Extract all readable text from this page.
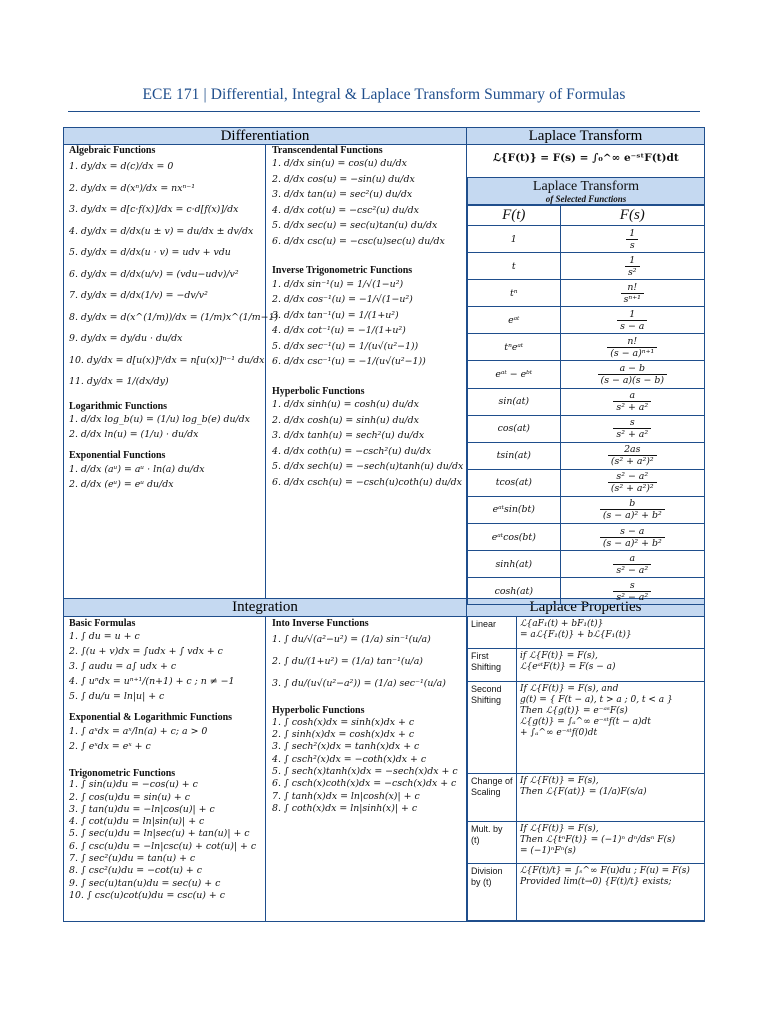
ECE 171 | Differential, Integral & Laplace Transform Summary of Formulas
Differentiation	Laplace Transform
Integration	Laplace Properties
ℒ{F(t)} = F(s) = ∫₀^∞ e⁻ˢᵗF(t)dt
Algebraic Functions
1. dy/dx = d(c)/dx = 0
2. dy/dx = d(xⁿ)/dx = nxⁿ⁻¹
3. dy/dx = d[c·f(x)]/dx = c·d[f(x)]/dx
4. dy/dx = d/dx(u ± v) = du/dx ± dv/dx
5. dy/dx = d/dx(u · v) = udv + vdu
6. dy/dx = d/dx(u/v) = (vdu−udv)/v²
7. dy/dx = d/dx(1/v) = −dv/v²
8. dy/dx = d(x^(1/m))/dx = (1/m)x^(1/m−1)
9. dy/dx = dy/du · du/dx
10. dy/dx = d[u(x)]ⁿ/dx = n[u(x)]ⁿ⁻¹ du/dx
11. dy/dx = 1/(dx/dy)
Logarithmic Functions
1. d/dx log_b(u) = (1/u) log_b(e) du/dx
2. d/dx ln(u) = (1/u) · du/dx
Exponential Functions
1. d/dx (aᵘ) = aᵘ · ln(a) du/dx
2. d/dx (eᵘ) = eᵘ du/dx
Transcendental Functions
1. d/dx sin(u) = cos(u) du/dx
2. d/dx cos(u) = −sin(u) du/dx
3. d/dx tan(u) = sec²(u) du/dx
4. d/dx cot(u) = −csc²(u) du/dx
5. d/dx sec(u) = sec(u)tan(u) du/dx
6. d/dx csc(u) = −csc(u)sec(u) du/dx
Inverse Trigonometric Functions
1. d/dx sin⁻¹(u) = 1/√(1−u²)
2. d/dx cos⁻¹(u) = −1/√(1−u²)
3. d/dx tan⁻¹(u) = 1/(1+u²)
4. d/dx cot⁻¹(u) = −1/(1+u²)
5. d/dx sec⁻¹(u) = 1/(u√(u²−1))
6. d/dx csc⁻¹(u) = −1/(u√(u²−1))
Hyperbolic Functions
1. d/dx sinh(u) = cosh(u) du/dx
2. d/dx cosh(u) = sinh(u) du/dx
3. d/dx tanh(u) = sech²(u) du/dx
4. d/dx coth(u) = −csch²(u) du/dx
5. d/dx sech(u) = −sech(u)tanh(u) du/dx
6. d/dx csch(u) = −csch(u)coth(u) du/dx
Laplace Transform
of Selected Functions
F(t)	F(s)
1	$\frac{1}{s}$

t	$\frac{1}{\text{s²}}$

tⁿ	$\frac{n!}{\text{sⁿ⁺¹}}$

eᵃᵗ	$\frac{1}{s - a}$

tⁿeᵃᵗ	$\frac{n!}{\text{(s − a)ⁿ⁺¹}}$

eᵃᵗ − eᵇᵗ	$\frac{a - b}{(s - a)(s - b)}$

sin(at)	$\frac{a}{\text{s² + a²}}$

cos(at)	$\frac{s}{\text{s² + a²}}$

tsin(at)	$\frac{2as}{\text{(s² + a²)²}}$

tcos(at)	$\frac{\text{s² − a²}}{\text{(s² + a²)²}}$

eᵃᵗsin(bt)	$\frac{b}{\text{(s − a)² + b²}}$

eᵃᵗcos(bt)	$\frac{s - a}{\text{(s − a)² + b²}}$

sinh(at)	$\frac{a}{\text{s² − a²}}$

cosh(at)	$\frac{s}{\text{s² − a²}}$
Basic Formulas
1. ∫ du = u + c
2. ∫(u + v)dx = ∫udx + ∫ vdx + c
3. ∫ audu = a∫ udx + c
4. ∫ uⁿdx = uⁿ⁺¹/(n+1) + c ; n ≠ −1
5. ∫ du/u = ln|u| + c
Exponential & Logarithmic Functions
1. ∫ aˣdx = aˣ/ln(a) + c; a > 0
2. ∫ eˣdx = eˣ + c
Trigonometric Functions
1. ∫ sin(u)du = −cos(u) + c
2. ∫ cos(u)du = sin(u) + c
3. ∫ tan(u)du = −ln|cos(u)| + c
4. ∫ cot(u)du = ln|sin(u)| + c
5. ∫ sec(u)du = ln|sec(u) + tan(u)| + c
6. ∫ csc(u)du = −ln|csc(u) + cot(u)| + c
7. ∫ sec²(u)du = tan(u) + c
8. ∫ csc²(u)du = −cot(u) + c
9. ∫ sec(u)tan(u)du = sec(u) + c
10. ∫ csc(u)cot(u)du = csc(u) + c
Into Inverse Functions
1. ∫ du/√(a²−u²) = (1/a) sin⁻¹(u/a)
2. ∫ du/(1+u²) = (1/a) tan⁻¹(u/a)
3. ∫ du/(u√(u²−a²)) = (1/a) sec⁻¹(u/a)
Hyperbolic Functions
1. ∫ cosh(x)dx = sinh(x)dx + c
2. ∫ sinh(x)dx = cosh(x)dx + c
3. ∫ sech²(x)dx = tanh(x)dx + c
4. ∫ csch²(x)dx = −coth(x)dx + c
5. ∫ sech(x)tanh(x)dx = −sech(x)dx + c
6. ∫ csch(x)coth(x)dx = −csch(x)dx + c
7. ∫ tanh(x)dx = ln|cosh(x)| + c
8. ∫ coth(x)dx = ln|sinh(x)| + c
Linear	ℒ{aF₁(t) + bF₁(t)}
= aℒ{F₁(t)} + bℒ{F₁(t)}

First Shifting	if ℒ{F(t)} = F(s),
ℒ{eᵃᵗF(t)} = F(s − a)

Second Shifting	If ℒ{F(t)} = F(s), and
g(t) = { F(t − a), t > a ; 0, t < a }
Then ℒ{g(t)} = e⁻ᵃˢF(s)
ℒ{g(t)} = ∫ₐ^∞ e⁻ˢᵗf(t − a)dt
+ ∫ₐ^∞ e⁻ˢᵗf(0)dt

Change of Scaling	If ℒ{F(t)} = F(s),
Then ℒ{F(at)} = (1/a)F(s/a)

Mult. by (t)	If ℒ{F(t)} = F(s),
Then ℒ{tⁿF(t)} = (−1)ⁿ dⁿ/dsⁿ F(s)
= (−1)ⁿFⁿ(s)

Division by (t)	ℒ{F(t)/t} = ∫ₛ^∞ F(u)du ; F(u) = F(s)
Provided lim(t→0) {F(t)/t} exists;
